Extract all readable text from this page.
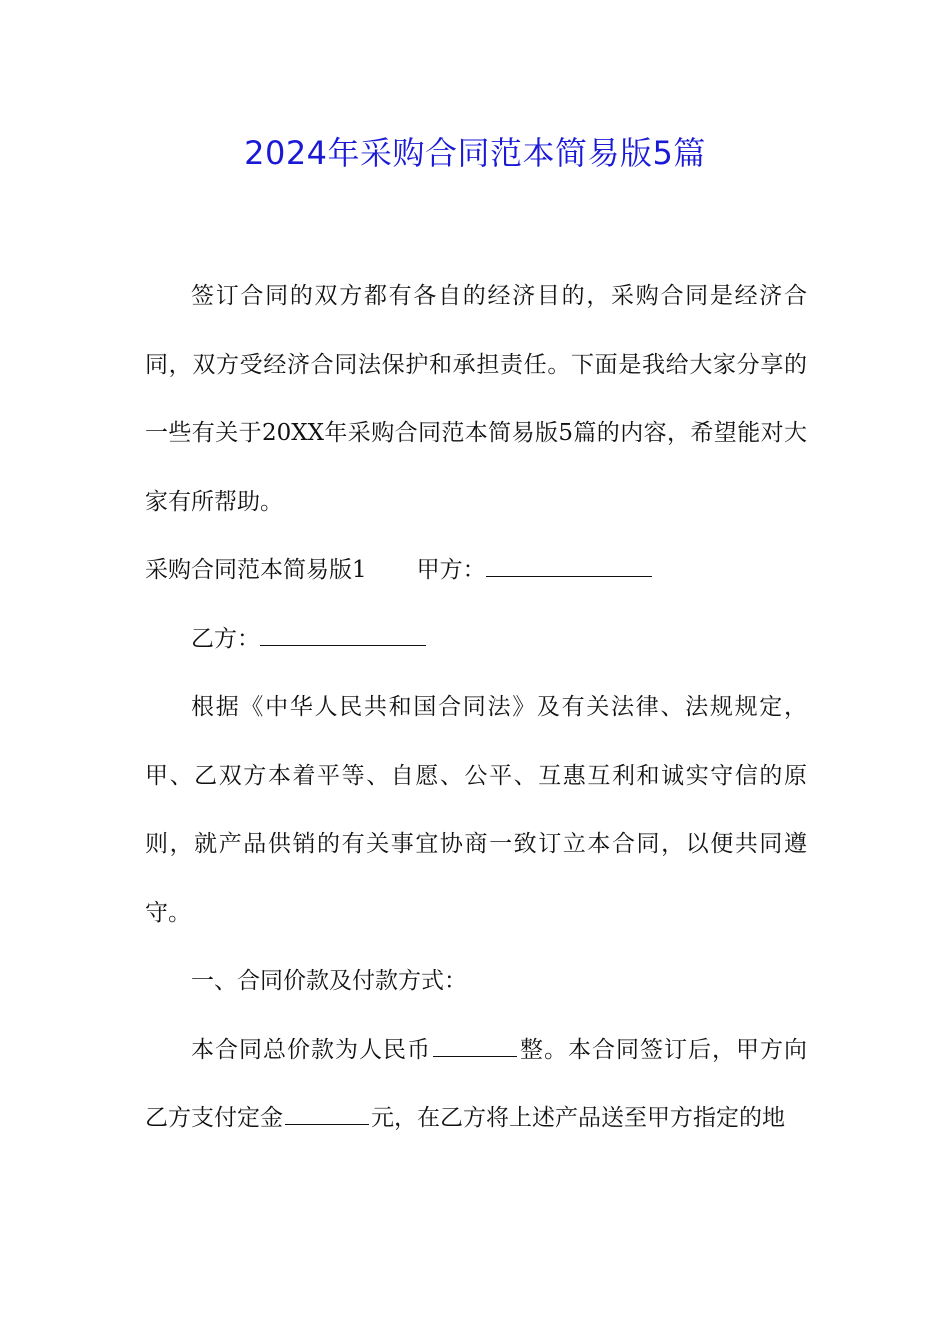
2024年采购合同范本简易版5篇

签订合同的双方都有各自的经济目的，采购合同是经济合同，双方受经济合同法保护和承担责任。下面是我给大家分享的一些有关于20XX年采购合同范本简易版5篇的内容，希望能对大家有所帮助。

采购合同范本简易版1 甲方：

乙方：

根据《中华人民共和国合同法》及有关法律、法规规定，甲、乙双方本着平等、自愿、公平、互惠互利和诚实守信的原则，就产品供销的有关事宜协商一致订立本合同，以便共同遵守。

一、合同价款及付款方式：

本合同总价款为人民币	整。本合同签订后，甲方向乙方支付定金	元，在乙方将上述产品送至甲方指定的地
